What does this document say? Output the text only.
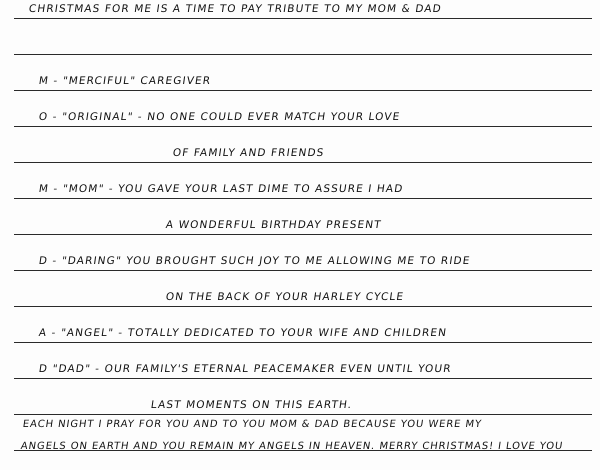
CHRISTMAS FOR ME IS A TIME TO PAY TRIBUTE TO MY MOM & DAD
M - "MERCIFUL" CAREGIVER
O - "ORIGINAL" - NO ONE COULD EVER MATCH YOUR LOVE
OF FAMILY AND FRIENDS
M - "MOM" - YOU GAVE YOUR LAST DIME TO ASSURE I HAD
A WONDERFUL BIRTHDAY PRESENT
D - "DARING" YOU BROUGHT SUCH JOY TO ME ALLOWING ME TO RIDE
ON THE BACK OF YOUR HARLEY CYCLE
A - "ANGEL" - TOTALLY DEDICATED TO YOUR WIFE AND CHILDREN
D "DAD" - OUR FAMILY'S ETERNAL PEACEMAKER EVEN UNTIL YOUR
LAST MOMENTS ON THIS EARTH.
EACH NIGHT I PRAY FOR YOU AND TO YOU MOM & DAD BECAUSE YOU WERE MY
ANGELS ON EARTH AND YOU REMAIN MY ANGELS IN HEAVEN. MERRY CHRISTMAS! I LOVE YOU
